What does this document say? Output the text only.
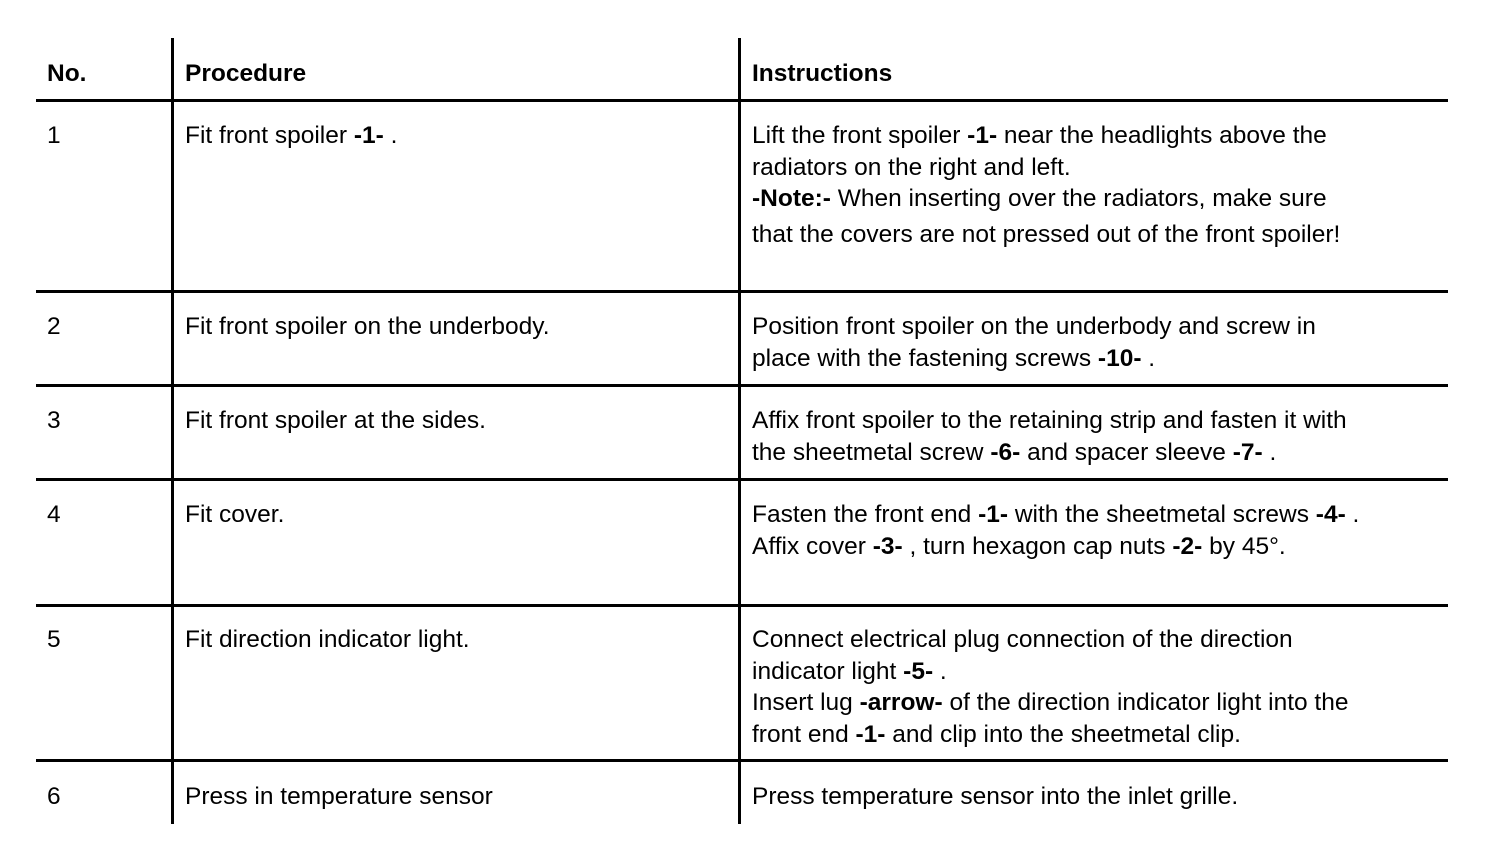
No.	Procedure	Instructions
1	Fit front spoiler -1- .	Lift the front spoiler -1- near the headlights above the
radiators on the right and left.
-Note:- When inserting over the radiators, make sure
that the covers are not pressed out of the front spoiler!
2	Fit front spoiler on the underbody.	Position front spoiler on the underbody and screw in
place with the fastening screws -10- .
3	Fit front spoiler at the sides.	Affix front spoiler to the retaining strip and fasten it with
the sheetmetal screw -6- and spacer sleeve -7- .
4	Fit cover.	Fasten the front end -1- with the sheetmetal screws -4- .
Affix cover -3- , turn hexagon cap nuts -2- by 45°.
5	Fit direction indicator light.	Connect electrical plug connection of the direction
indicator light -5- .
Insert lug -arrow- of the direction indicator light into the
front end -1- and clip into the sheetmetal clip.
6	Press in temperature sensor	Press temperature sensor into the inlet grille.
